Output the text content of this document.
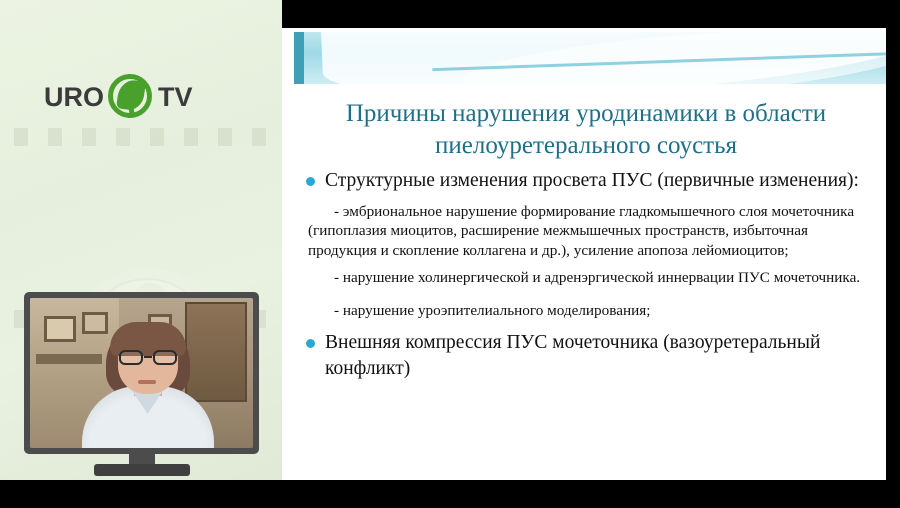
URO TV
Причины нарушения уродинамики в области пиелоуретерального соустья
Структурные изменения просвета ПУС (первичные изменения):

- эмбриональное нарушение формирование гладкомышечного слоя мочеточника (гипоплазия миоцитов, расширение межмышечных пространств, избыточная продукция и скопление коллагена и др.), усиление апопоза лейомиоцитов;

- нарушение холинергической и адренэргической иннервации ПУС мочеточника.

- нарушение уроэпителиального моделирования;

Внешняя компрессия ПУС мочеточника (вазоуретеральный конфликт)
